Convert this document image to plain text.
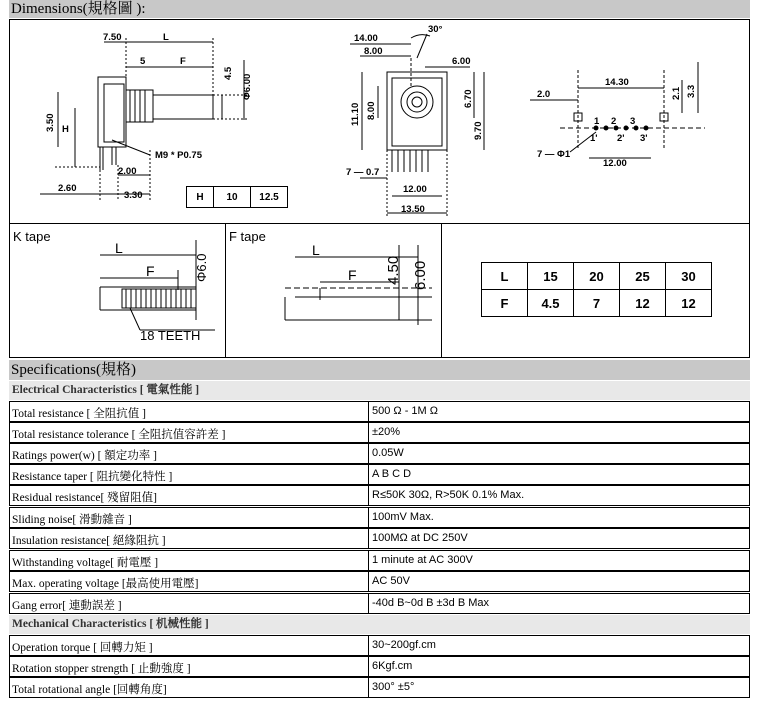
Dimensions(規格圖 ):
7.50	L
5	F
4.5
Φ6.00
3.50 H
M9 * P0.75
2.00
2.60
3.30	H	10	12.5
30°
14.00
8.00
6.00
11.10 8.00
6.70
9.70
7 — 0.7
12.00
13.50
14.30
2.0	2.1 3.3
7 — Φ1
12.00
1 2 3
1' 2' 3'
K tape	F tape
L
F	Φ6.0
18 TEETH
L
F 4.50 6.00	L	15	20	25	30
F	4.5	7	12	12
Specifications(規格)
Electrical Characteristics [ 電氣性能 ]
Total resistance [ 全阻抗值 ]	500 Ω - 1M Ω
Total resistance tolerance [ 全阻抗值容許差 ]	±20%
Ratings power(w) [ 額定功率 ]	0.05W
Resistance taper [ 阻抗變化特性 ]	A B C D
Residual resistance[ 殘留阻值]	R≤50K 30Ω, R>50K 0.1% Max.
Sliding noise[ 滑動雜音 ]	100mV Max.
Insulation resistance[ 絕緣阻抗 ]	100MΩ at DC 250V
Withstanding voltage[ 耐電壓 ]	1 minute at AC 300V
Max. operating voltage [最高使用電壓]	AC 50V
Gang error[ 連動誤差 ]	-40d B~0d B ±3d B Max
Mechanical Characteristics [ 机械性能 ]
Operation torque [ 回轉力矩 ]	30~200gf.cm
Rotation stopper strength [ 止動強度 ]	6Kgf.cm
Total rotational angle [回轉角度]	300° ±5°
